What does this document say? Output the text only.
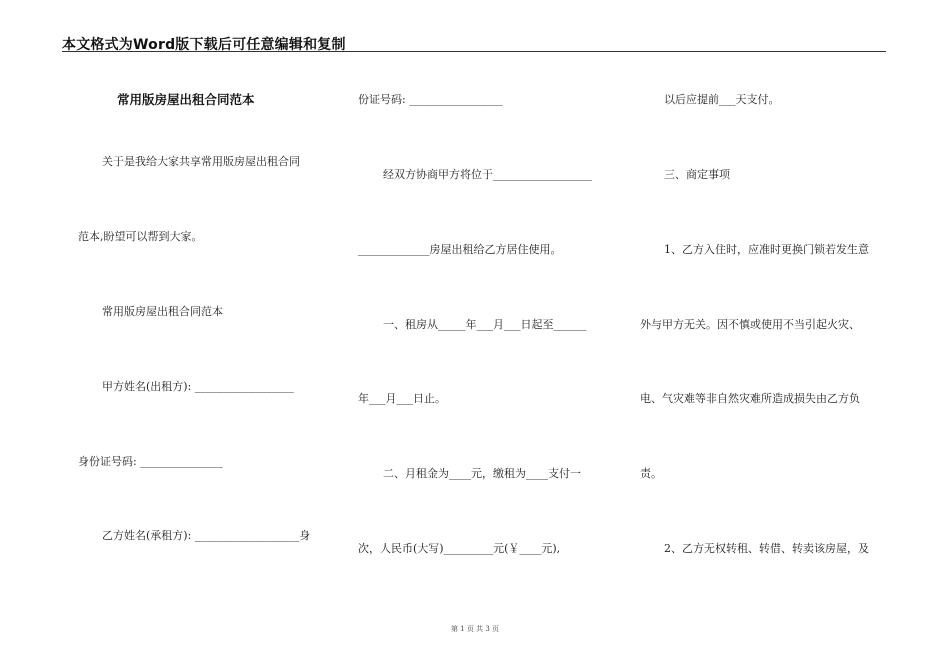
本文格式为Word版下载后可任意编辑和复制
常用版房屋出租合同范本
关于是我给大家共享常用版房屋出租合同
范本,盼望可以帮到大家。
常用版房屋出租合同范本
甲方姓名(出租方): __________________
身份证号码: _______________
乙方姓名(承租方): ___________________身
份证号码: _________________
经双方协商甲方将位于__________________
_____________房屋出租给乙方居住使用。
一、租房从_____年___月___日起至______
年___月___日止。
二、月租金为____元，缴租为____支付一
次，人民币(大写)_________元(￥____元),
以后应提前___天支付。
三、商定事项
1、乙方入住时，应准时更换门锁若发生意
外与甲方无关。因不慎或使用不当引起火灾、
电、气灾难等非自然灾难所造成损失由乙方负
责。
2、乙方无权转租、转借、转卖该房屋，及
第 1 页 共 3 页
